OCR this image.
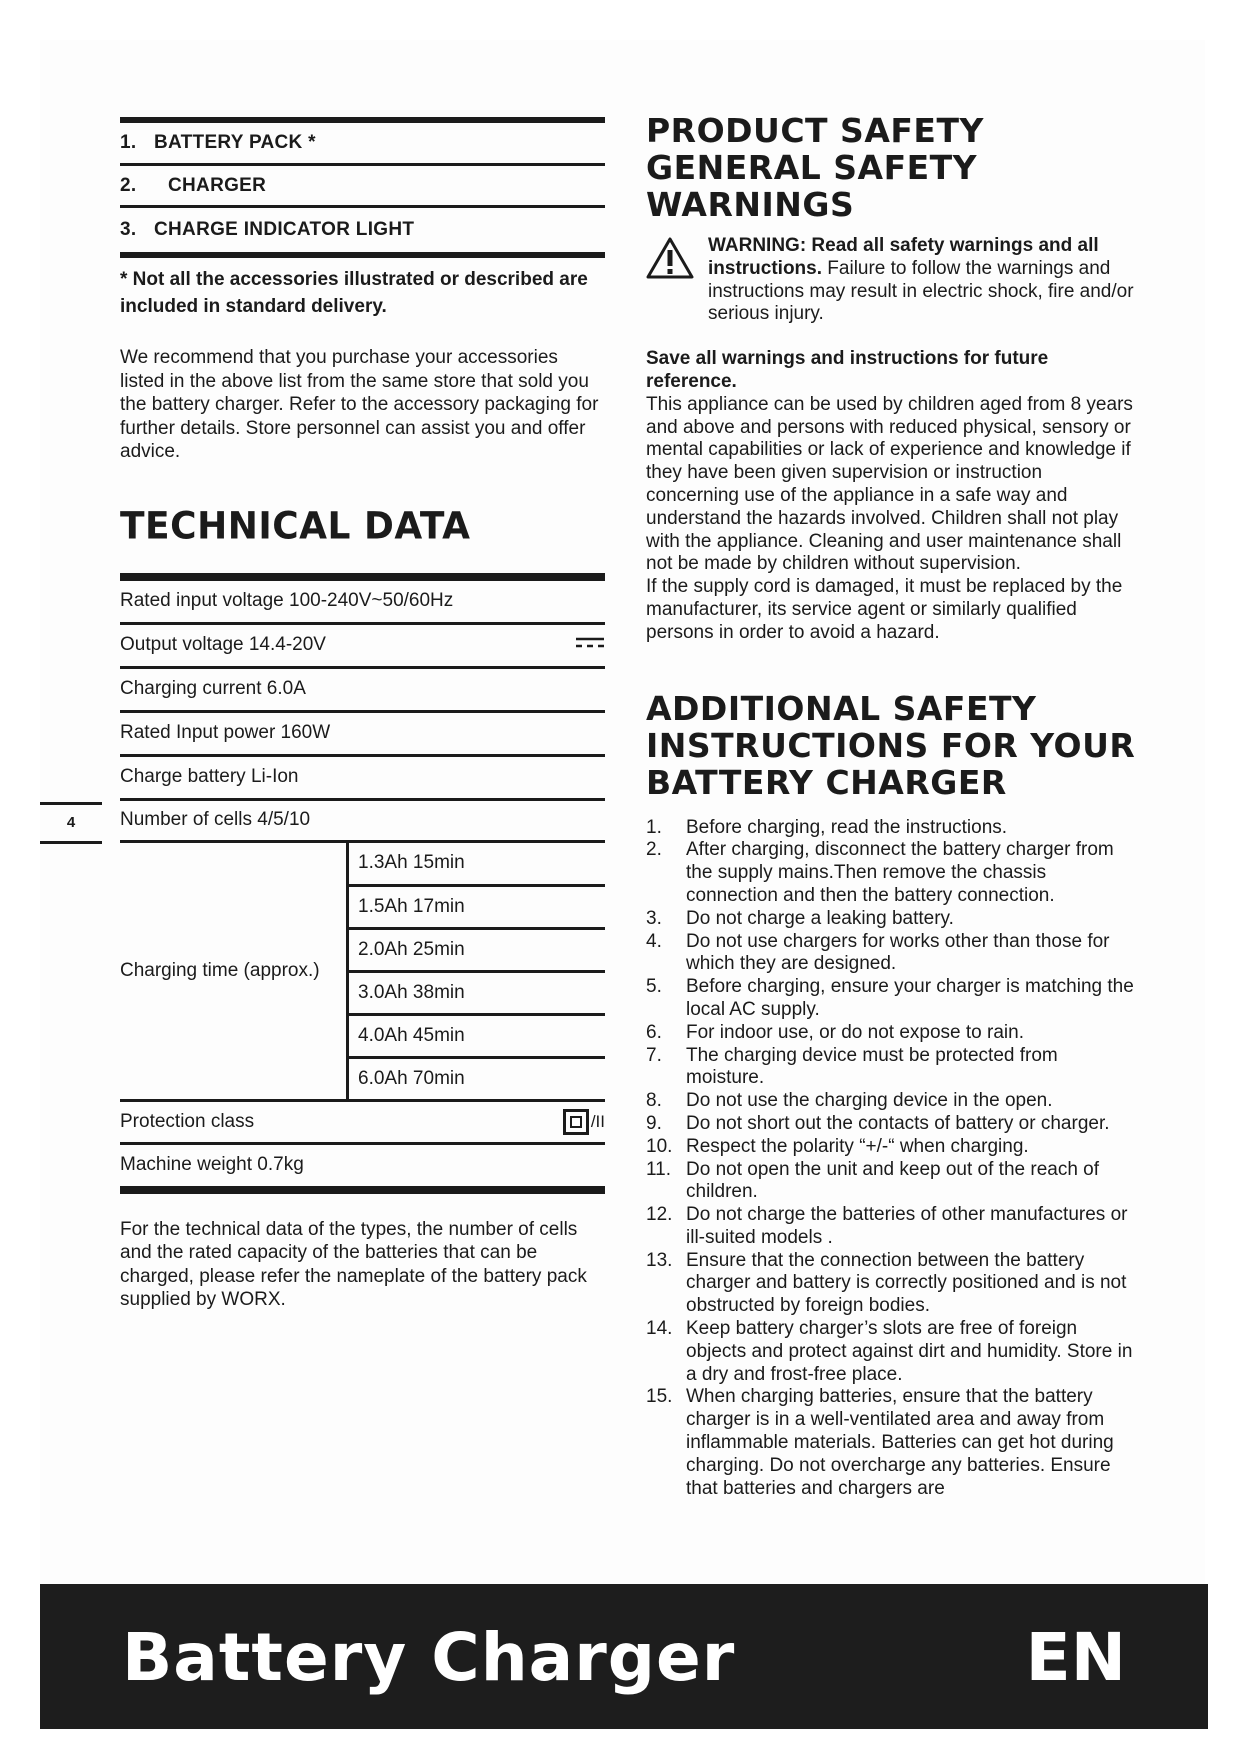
1. BATTERY PACK *
2.	CHARGER
3. CHARGE INDICATOR LIGHT
* Not all the accessories illustrated or described are included in standard delivery.
We recommend that you purchase your accessories listed in the above list from the same store that sold you the battery charger. Refer to the accessory packaging for further details. Store personnel can assist you and offer advice.
TECHNICAL DATA
Rated input voltage 100-240V~50/60Hz
Output voltage 14.4-20V
Charging current 6.0A
Rated Input power 160W
Charge battery Li-Ion
Number of cells 4/5/10
Charging time (approx.)
1.3Ah 15min
1.5Ah 17min
2.0Ah 25min
3.0Ah 38min
4.0Ah 45min
6.0Ah 70min
Protection class	/II
Machine weight 0.7kg
For the technical data of the types, the number of cells and the rated capacity of the batteries that can be charged, please refer the nameplate of the battery pack supplied by WORX.
4
PRODUCT SAFETY
GENERAL SAFETY
WARNINGS
WARNING: Read all safety warnings and all instructions. Failure to follow the warnings and instructions may result in electric shock, fire and/or serious injury.
Save all warnings and instructions for future reference.
This appliance can be used by children aged from 8 years and above and persons with reduced physical, sensory or mental capabilities or lack of experience and knowledge if they have been given supervision or instruction concerning use of the appliance in a safe way and understand the hazards involved. Children shall not play with the appliance. Cleaning and user maintenance shall not be made by children without supervision.
If the supply cord is damaged, it must be replaced by the manufacturer, its service agent or similarly qualified persons in order to avoid a hazard.
ADDITIONAL SAFETY
INSTRUCTIONS FOR YOUR
BATTERY CHARGER
1.	Before charging, read the instructions.
2.	After charging, disconnect the battery charger from the supply mains.Then remove the chassis connection and then the battery connection.
3.	Do not charge a leaking battery.
4.	Do not use chargers for works other than those for which they are designed.
5.	Before charging, ensure your charger is matching the local AC supply.
6.	For indoor use, or do not expose to rain.
7.	The charging device must be protected from moisture.
8.	Do not use the charging device in the open.
9.	Do not short out the contacts of battery or charger.
10. Respect the polarity “+/-“ when charging.
11. Do not open the unit and keep out of the reach of children.
12. Do not charge the batteries of other manufactures or ill-suited models .
13. Ensure that the connection between the battery charger and battery is correctly positioned and is not obstructed by foreign bodies.
14. Keep battery charger’s slots are free of foreign objects and protect against dirt and humidity. Store in a dry and frost-free place.
15. When charging batteries, ensure that the battery charger is in a well-ventilated area and away from inflammable materials. Batteries can get hot during charging. Do not overcharge any batteries. Ensure that batteries and chargers are
Battery Charger	EN
